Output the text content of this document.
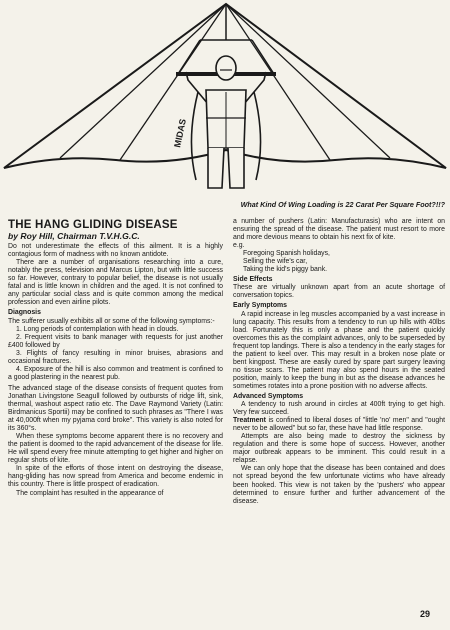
MIDAS
What Kind Of Wing Loading is 22 Carat Per Square Foot?!!?
THE HANG GLIDING DISEASE
by Roy Hill, Chairman T.V.H.G.C.

Do not underestimate the effects of this ailment. It is a highly contagious form of madness with no known antidote.

There are a number of organisations researching into a cure, notably the press, television and Marcus Lipton, but with little success so far. However, contrary to popular belief, the disease is not usually fatal and is little known in children and the aged. It is not confined to any particular social class and is quite common among the medical profession and even airline pilots.

Diagnosis

The sufferer usually exhibits all or some of the following symptoms:-

1. Long periods of contemplation with head in clouds.

2. Frequent visits to bank manager with requests for just another £400 followed by

3. Flights of fancy resulting in minor bruises, abrasions and occasional fractures.

4. Exposure of the hill is also common and treatment is confined to a good plastering in the nearest pub.

The advanced stage of the disease consists of frequent quotes from Jonathan Livingstone Seagull followed by outbursts of ridge lift, sink, thermal, washout aspect ratio etc. The Dave Raymond Variety (Latin: Birdmanicus Sportii) may be confined to such phrases as "There I was at 40,000ft when my pyjama cord broke". This variety is also noted for its 360°s.

When these symptoms become apparent there is no recovery and the patient is doomed to the rapid advancement of the disease for life. He will spend every free minute attempting to get higher and higher on regular shots of kite.

In spite of the efforts of those intent on destroying the disease, hang-gliding has now spread from America and become endemic in this country. There is little prospect of eradication.

The complaint has resulted in the appearance of

a number of pushers (Latin: Manufacturasis) who are intent on ensuring the spread of the disease. The patient must resort to more and more devious means to obtain his next fix of kite.

e.g.
Foregoing Spanish holidays,
Selling the wife's car,
Taking the kid's piggy bank.
Side Effects

These are virtually unknown apart from an acute shortage of conversation topics.

Early Symptoms

A rapid increase in leg muscles accompanied by a vast increase in lung capacity. This results from a tendency to run up hills with 40lbs load. Fortunately this is only a phase and the patient quickly overcomes this as the complaint advances, only to be superseded by frequent top landings. There is also a tendency in the early stages for the patient to keel over. This may result in a broken nose plate or bent kingpost. These are easily cured by spare part surgery leaving no tissue scars. The patient may also spend hours in the seated position, mainly to keep the bung in but as the disease advances he sometimes rotates into a prone position with no adverse affects.

Advanced Symptoms

A tendency to rush around in circles at 400ft trying to get high. Very few succeed.

Treatment is confined to liberal doses of "little 'no' men" and "ought never to be allowed" but so far, these have had little response.

Attempts are also being made to destroy the sickness by regulation and there is some hope of success. However, another major outbreak appears to be imminent. This could result in a relapse.

We can only hope that the disease has been contained and does not spread beyond the few unfortunate victims who have already been hooked. This view is not taken by the 'pushers' who appear determined to ensure further and further advancement of the disease.

29
